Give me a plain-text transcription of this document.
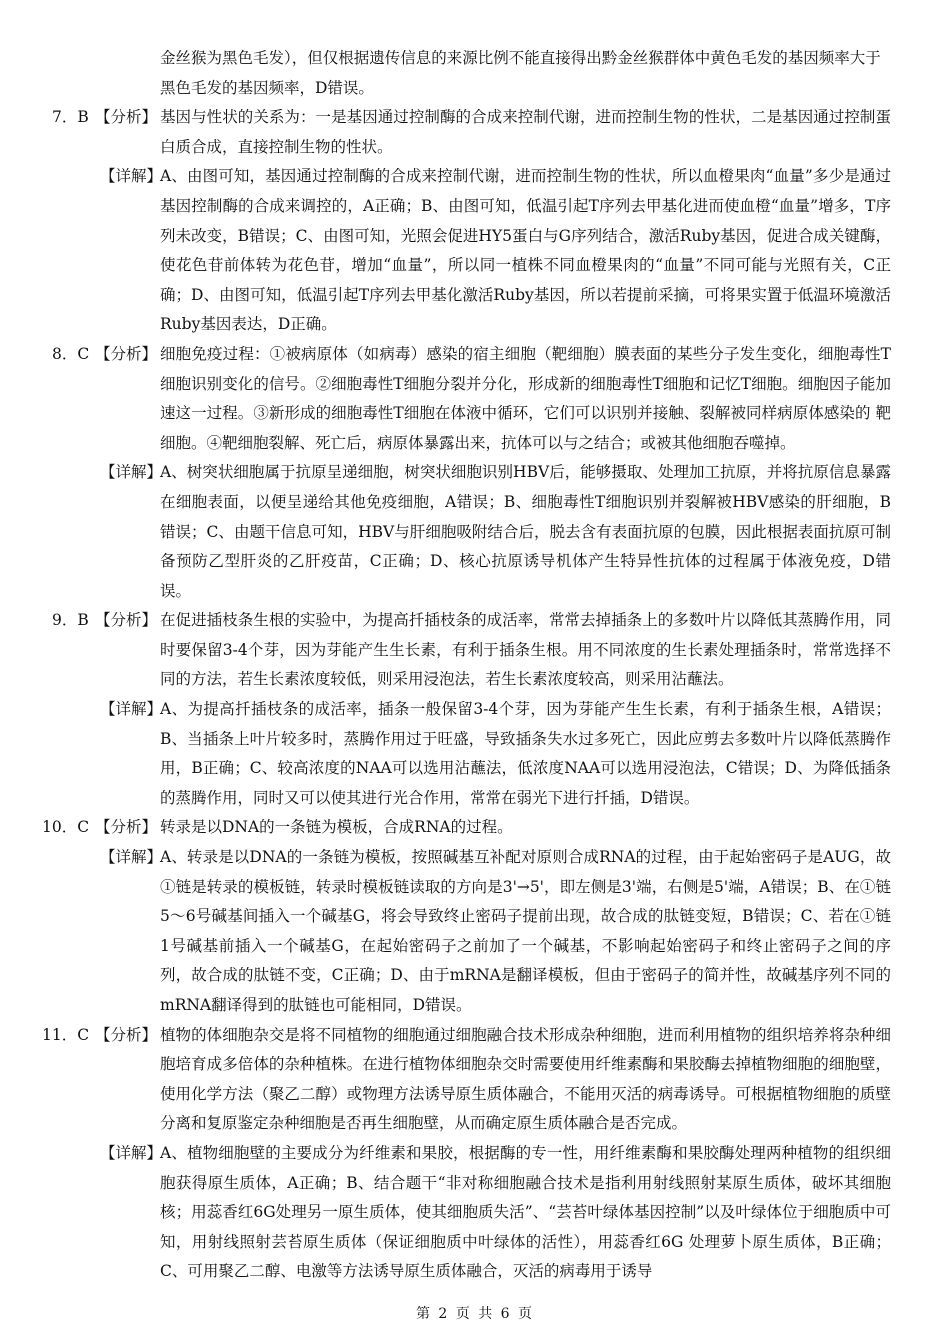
金丝猴为黑色毛发），但仅根据遗传信息的来源比例不能直接得出黔金丝猴群体中黄色毛发的基因频率大于黑色毛发的基因频率，D错误。
7．B 【分析】 基因与性状的关系为：一是基因通过控制酶的合成来控制代谢，进而控制生物的性状，二是基因通过控制蛋白质合成，直接控制生物的性状。
【详解】
A、由图可知，基因通过控制酶的合成来控制代谢，进而控制生物的性状，所以血橙果肉“血量”多少是通过基因控制酶的合成来调控的，A正确；B、由图可知，低温引起T序列去甲基化进而使血橙“血量”增多，T序列未改变，B错误；C、由图可知，光照会促进HY5蛋白与G序列结合，激活Ruby基因，促进合成关键酶，使花色苷前体转为花色苷，增加“血量”，所以同一植株不同血橙果肉的“血量”不同可能与光照有关，C正确；D、由图可知，低温引起T序列去甲基化激活Ruby基因，所以若提前采摘，可将果实置于低温环境激活Ruby基因表达，D正确。
8．C 【分析】 细胞免疫过程：①被病原体（如病毒）感染的宿主细胞（靶细胞）膜表面的某些分子发生变化，细胞毒性T细胞识别变化的信号。②细胞毒性T细胞分裂并分化，形成新的细胞毒性T细胞和记忆T细胞。细胞因子能加速这一过程。③新形成的细胞毒性T细胞在体液中循环，它们可以识别并接触、裂解被同样病原体感染的 靶细胞。④靶细胞裂解、死亡后，病原体暴露出来，抗体可以与之结合；或被其他细胞吞噬掉。
【详解】
A、树突状细胞属于抗原呈递细胞，树突状细胞识别HBV后，能够摄取、处理加工抗原，并将抗原信息暴露在细胞表面，以便呈递给其他免疫细胞，A错误；B、细胞毒性T细胞识别并裂解被HBV感染的肝细胞，B错误；C、由题干信息可知，HBV与肝细胞吸附结合后，脱去含有表面抗原的包膜，因此根据表面抗原可制备预防乙型肝炎的乙肝疫苗，C正确；D、核心抗原诱导机体产生特异性抗体的过程属于体液免疫，D错误。
9．B 【分析】 在促进插枝条生根的实验中，为提高扦插枝条的成活率，常常去掉插条上的多数叶片以降低其蒸腾作用，同时要保留3-4个芽，因为芽能产生生长素，有利于插条生根。用不同浓度的生长素处理插条时，常常选择不同的方法，若生长素浓度较低，则采用浸泡法，若生长素浓度较高，则采用沾蘸法。
【详解】
A、为提高扦插枝条的成活率，插条一般保留3-4个芽，因为芽能产生生长素，有利于插条生根，A错误；B、当插条上叶片较多时，蒸腾作用过于旺盛，导致插条失水过多死亡，因此应剪去多数叶片以降低蒸腾作用，B正确；C、较高浓度的NAA可以选用沾蘸法，低浓度NAA可以选用浸泡法，C错误；D、为降低插条的蒸腾作用，同时又可以使其进行光合作用，常常在弱光下进行扦插，D错误。
10．C 【分析】 转录是以DNA的一条链为模板，合成RNA的过程。
【详解】
A、转录是以DNA的一条链为模板，按照碱基互补配对原则合成RNA的过程，由于起始密码子是AUG，故①链是转录的模板链，转录时模板链读取的方向是3'→5'，即左侧是3'端，右侧是5'端，A错误；B、在①链5～6号碱基间插入一个碱基G，将会导致终止密码子提前出现，故合成的肽链变短，B错误；C、若在①链1号碱基前插入一个碱基G，在起始密码子之前加了一个碱基，不影响起始密码子和终止密码子之间的序列，故合成的肽链不变，C正确；D、由于mRNA是翻译模板，但由于密码子的简并性，故碱基序列不同的mRNA翻译得到的肽链也可能相同，D错误。
11．C 【分析】 植物的体细胞杂交是将不同植物的细胞通过细胞融合技术形成杂种细胞，进而利用植物的组织培养将杂种细胞培育成多倍体的杂种植株。在进行植物体细胞杂交时需要使用纤维素酶和果胶酶去掉植物细胞的细胞壁，使用化学方法（聚乙二醇）或物理方法诱导原生质体融合，不能用灭活的病毒诱导。可根据植物细胞的质壁分离和复原鉴定杂种细胞是否再生细胞壁，从而确定原生质体融合是否完成。
【详解】
A、植物细胞壁的主要成分为纤维素和果胶，根据酶的专一性，用纤维素酶和果胶酶处理两种植物的组织细胞获得原生质体，A正确；B、结合题干“非对称细胞融合技术是指利用射线照射某原生质体，破坏其细胞核；用蕊香红6G处理另一原生质体，使其细胞质失活”、“芸苔叶绿体基因控制”以及叶绿体位于细胞质中可知，用射线照射芸苔原生质体（保证细胞质中叶绿体的活性），用蕊香红6G 处理萝卜原生质体，B正确；C、可用聚乙二醇、电激等方法诱导原生质体融合，灭活的病毒用于诱导
第 2 页 共 6 页
